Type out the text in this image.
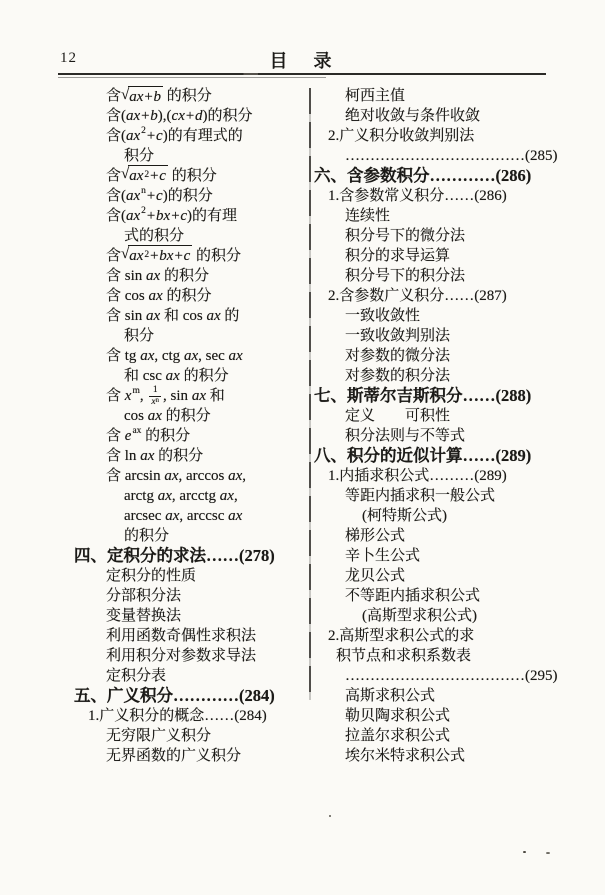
12	目　录
含 √ ax+b 的积分
含( ax+b ),( cx+d )的积分
含( ax 2 +c )的有理式的
积分
含 √ $ax^2+c$ 的积分
含( ax n +c )的积分
含( ax 2 +bx+c )的有理
式的积分
含 √ $ax^2+bx+c$ 的积分
含 sin ax 的积分
含 cos ax 的积分
含 sin ax 和 cos ax 的
积分
含 tg ax , ctg ax , sec ax
和 csc ax 的积分
含 x m , $\frac{1}{x^n}$ , sin ax 和
cos ax 的积分
含 e ax 的积分
含 ln ax 的积分
含 arcsin ax , arccos ax ,
arctg ax , arcctg ax ,
arcsec ax , arccsc ax
的积分
四、定积分的求法……(278)
定积分的性质
分部积分法
变量替换法
利用函数奇偶性求积法
利用积分对参数求导法
定积分表
五、广义积分…………(284)
1.广义积分的概念……(284)
无穷限广义积分
无界函数的广义积分
柯西主值
绝对收敛与条件收敛
2.广义积分收敛判别法
………………………………(285)
六、含参数积分…………(286)
1.含参数常义积分……(286)
连续性
积分号下的微分法
积分的求导运算
积分号下的积分法
2.含参数广义积分……(287)
一致收敛性
一致收敛判别法
对参数的微分法
对参数的积分法
七、斯蒂尔吉斯积分……(288)
定义　　可积性
积分法则与不等式
八、积分的近似计算……(289)
1.内插求积公式………(289)
等距内插求积一般公式
(柯特斯公式)
梯形公式
辛卜生公式
龙贝公式
不等距内插求积公式
(高斯型求积公式)
2.高斯型求积公式的求
积节点和求积系数表
………………………………(295)
高斯求积公式
勒贝陶求积公式
拉盖尔求积公式
埃尔米特求积公式
